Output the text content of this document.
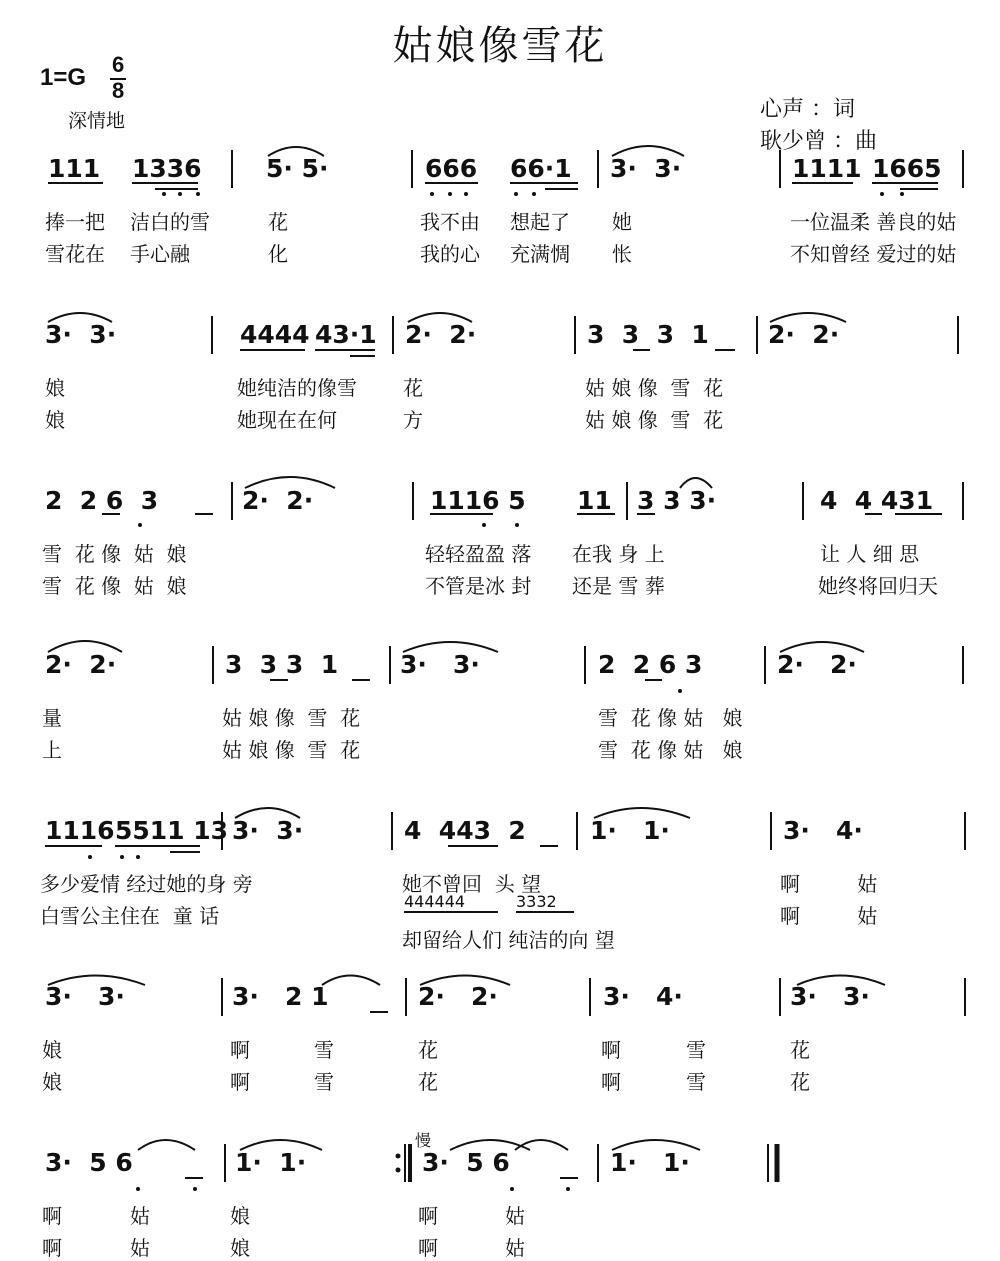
姑娘像雪花
1=G 6
8
深情地	心声 ：词
耿少曾 ：曲
慢
111 1336	5· 5·	666 66·1 3·  3·	1111 1665
捧一把 洁白的雪	花	我不由 想起了 她	一位温柔 善良的姑
雪花在 手心融	化	我的心 充满惆 怅	不知曾经 爱过的姑
3·  3·	4444 43·1 2·  2·	3  3  3  1 2·  2·
娘	她纯洁的像雪 花	姑 娘 像  雪  花
娘	她现在在何	方	姑 娘 像  雪  花
2  2 6  3	2·  2·	1116 5 11 3 3 3·	4  4 431
雪  花 像  姑  娘	轻轻盈盈 落 在我 身 上	让 人 细 思
雪  花 像  姑  娘	不管是冰 封 还是 雪 葬	她终将回归天
2·  2·	3  3 3  1 3·   3·	2  2 6 3	2·   2·
量	姑 娘 像  雪  花	雪  花 像 姑   娘
上	姑 娘 像  雪  花	雪  花 像 姑   娘
1116 5511 13 3·  3·	4  443  2	1·   1·	3·   4·
多少爱情 经过她的身 旁	她不曾回  头 望	啊         姑
白雪公主住在  童 话	啊         姑
444444	3332
却留给人们 纯洁的向 望
3·   3·	3·   2 1	2·   2·	3·   4·	3·   3·
娘	啊	雪	花	啊	雪	花
娘	啊	雪	花	啊	雪	花
3·  5 6	1·  1·	3·  5 6	1·   1·
啊	姑	娘	啊	姑
啊	姑	娘	啊	姑
